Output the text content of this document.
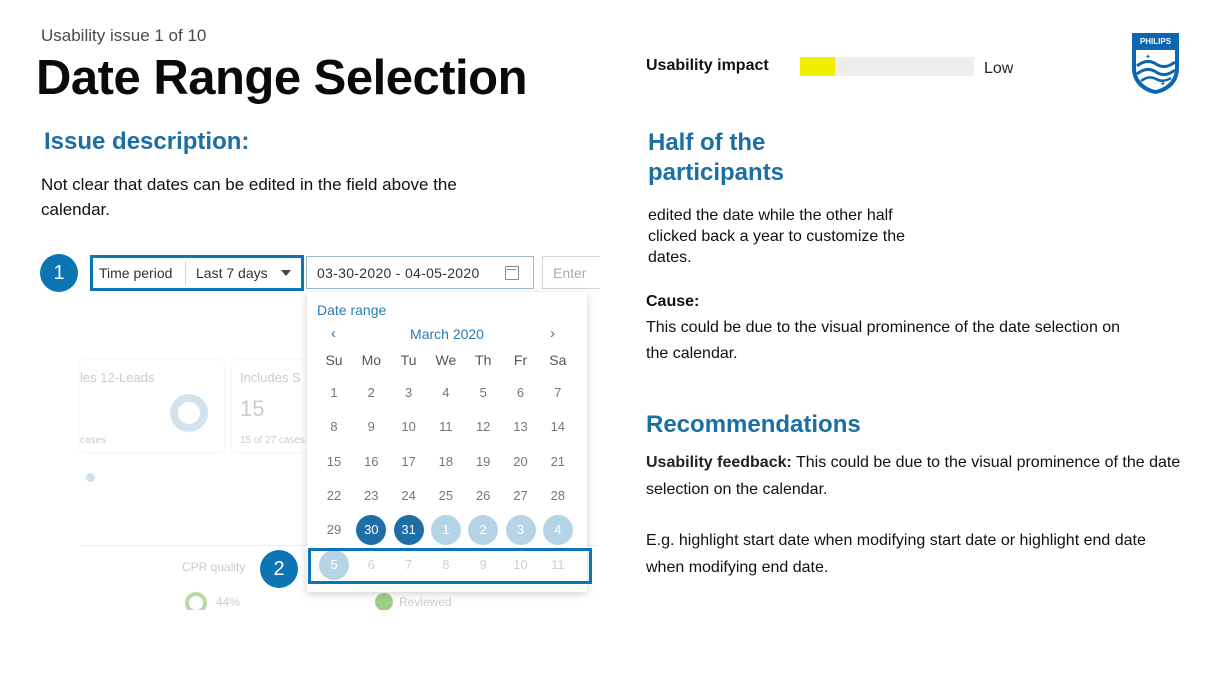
Usability issue 1 of 10
Date Range Selection	Usability impact	Low
PHILIPS
✦
✦
Issue description:
Not clear that dates can be edited in the field above the calendar.
Half of the participants
edited the date while the other half clicked back a year to customize the dates.
Cause:
This could be due to the visual prominence of the date selection on the calendar.
Recommendations
Usability feedback: This could be due to the visual prominence of the date selection on the calendar.
E.g. highlight start date when modifying start date or highlight end date when modifying end date.
les 12-Leads
cases
Includes S
15
15 of 27 cases
CPR quality
44%	Reviewed
1	Time period Last 7 days	03-30-2020 - 04-05-2020	Enter
Date range
March 2020
‹	›
Su	Mo	Tu	We	Th	Fr	Sa
1	2	3	4	5	6	7
8	9	10	11	12	13	14
15	16	17	18	19	20	21
22	23	24	25	26	27	28
29	30	31	1	2	3	4
5	6	7	8	9	10	11
2
